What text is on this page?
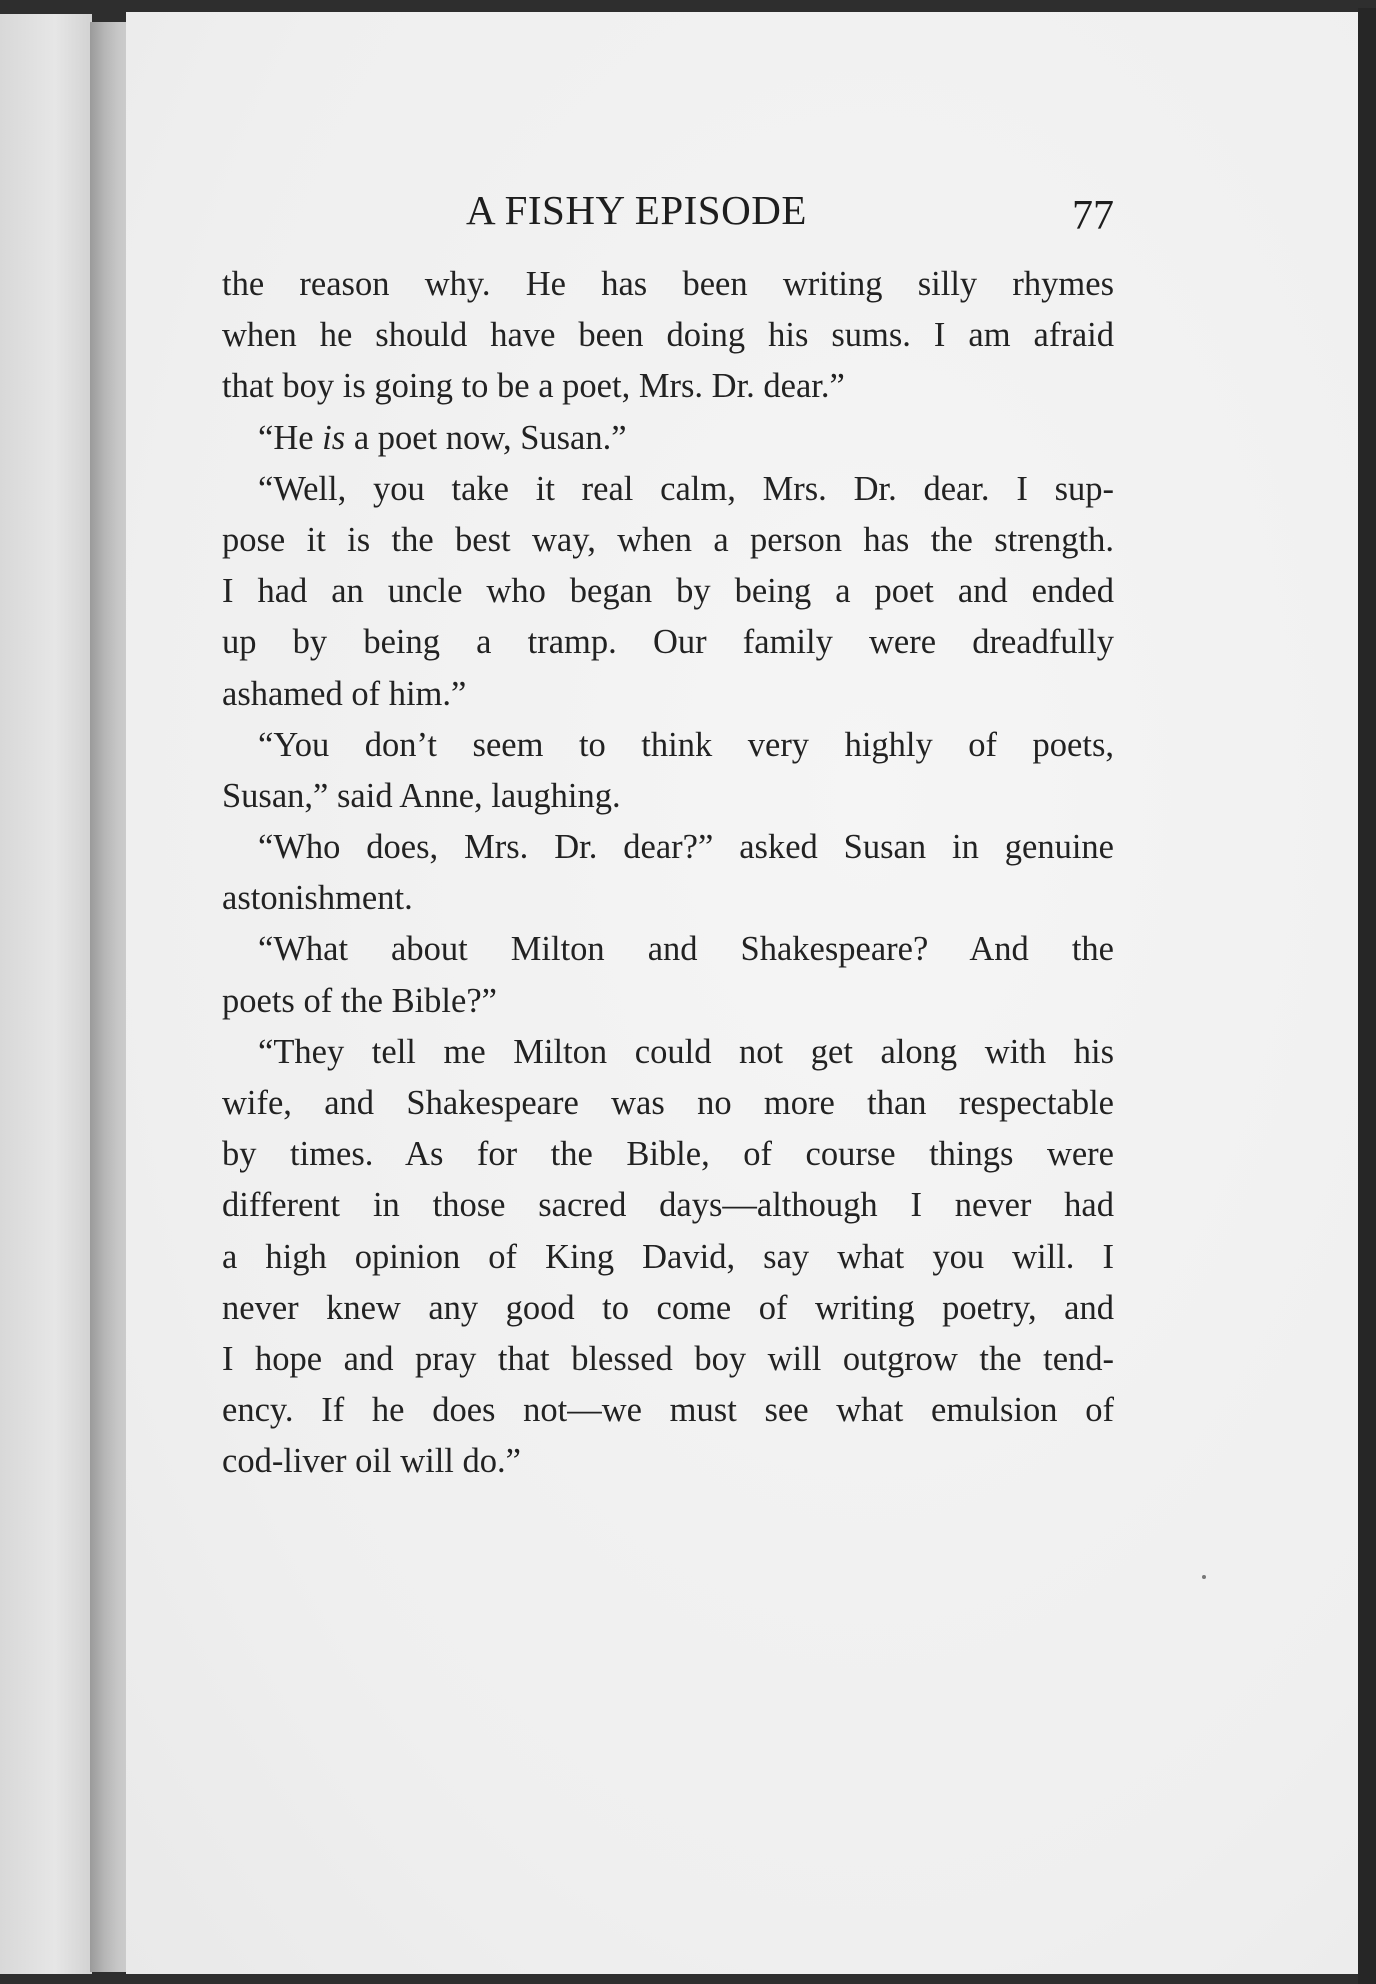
A FISHY EPISODE	77
the reason why. He has been writing silly rhymes
when he should have been doing his sums. I am afraid
that boy is going to be a poet, Mrs. Dr. dear.”
“He is a poet now, Susan.”
“Well, you take it real calm, Mrs. Dr. dear. I sup-
pose it is the best way, when a person has the strength.
I had an uncle who began by being a poet and ended
up by being a tramp. Our family were dreadfully
ashamed of him.”
“You don’t seem to think very highly of poets,
Susan,” said Anne, laughing.
“Who does, Mrs. Dr. dear?” asked Susan in genuine
astonishment.
“What about Milton and Shakespeare? And the
poets of the Bible?”
“They tell me Milton could not get along with his
wife, and Shakespeare was no more than respectable
by times. As for the Bible, of course things were
different in those sacred days—although I never had
a high opinion of King David, say what you will. I
never knew any good to come of writing poetry, and
I hope and pray that blessed boy will outgrow the tend-
ency. If he does not—we must see what emulsion of
cod-liver oil will do.”
